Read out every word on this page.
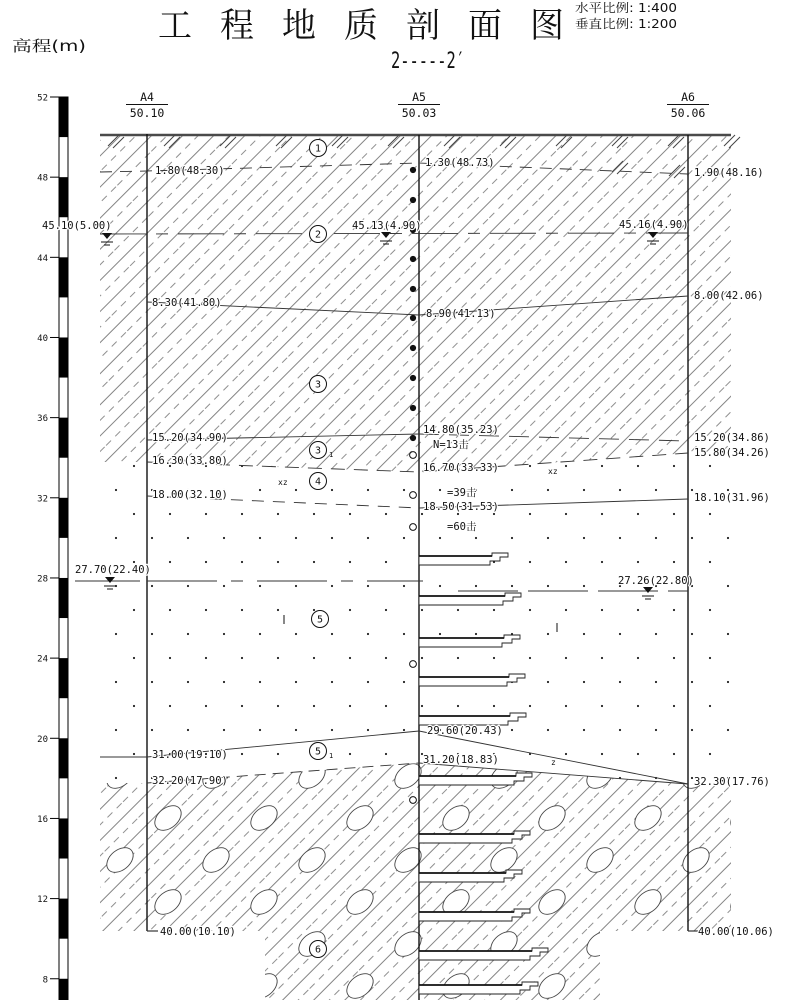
工 程 地 质 剖 面 图 水平比例: 1:400
垂直比例: 1:200
2-----2′
高程(m)
52
48
44
40
36
32
28
24
20
16
12
8
A4
50.10
A5
50.03
A6
50.06
1
2
3
3 1
4
5
5 1
6
1.80(48.30)
8.30(41.80)
15.20(34.90)
16.30(33.80)
18.00(32.10)
31.00(19.10)
32.20(17.90)
40.00(10.10)
45.10(5.00)
27.70(22.40)
1.30(48.73)
45.13(4.90)
8.90(41.13)
14.80(35.23)
N=13击
16.70(33.33)
=39击
18.50(31.53)
=60击
29.60(20.43)
31.20(18.83)
1.90(48.16)
45.16(4.90)
8.00(42.06)
15.20(34.86)
15.80(34.26)
18.10(31.96)
27.26(22.80)
32.30(17.76)
40.00(10.06)
xz
xz
z
